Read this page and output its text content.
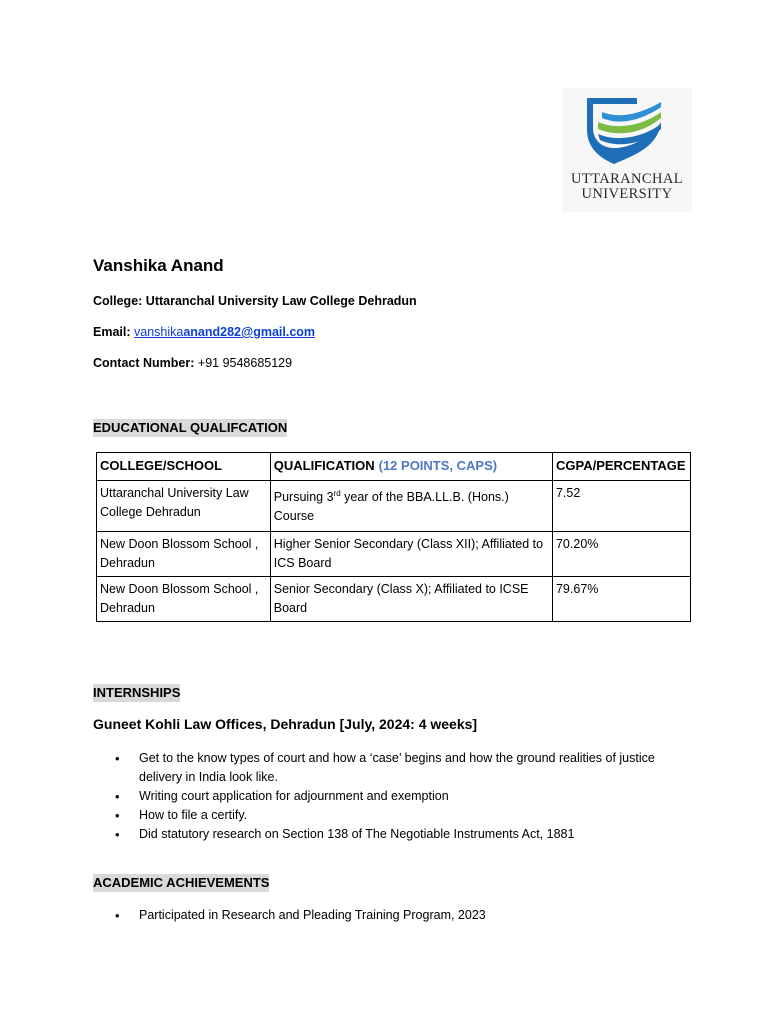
UTTARANCHAL
UNIVERSITY
Vanshika Anand
College: Uttaranchal University Law College Dehradun
Email: vanshikaanand282@gmail.com
Contact Number: +91 9548685129
EDUCATIONAL QUALIFCATION
COLLEGE/SCHOOL	QUALIFICATION (12 POINTS, CAPS)	CGPA/PERCENTAGE
Uttaranchal University Law College Dehradun	Pursuing 3rd year of the BBA.LL.B. (Hons.) Course	7.52
New Doon Blossom School , Dehradun	Higher Senior Secondary (Class XII); Affiliated to ICS Board	70.20%
New Doon Blossom School , Dehradun	Senior Secondary (Class X); Affiliated to ICSE Board	79.67%
INTERNSHIPS
Guneet Kohli Law Offices, Dehradun [July, 2024: 4 weeks]
• Get to the know types of court and how a ‘case’ begins and how the ground realities of justice delivery in India look like.
• Writing court application for adjournment and exemption
• How to file a certify.
• Did statutory research on Section 138 of The Negotiable Instruments Act, 1881
ACADEMIC ACHIEVEMENTS
• Participated in Research and Pleading Training Program, 2023
